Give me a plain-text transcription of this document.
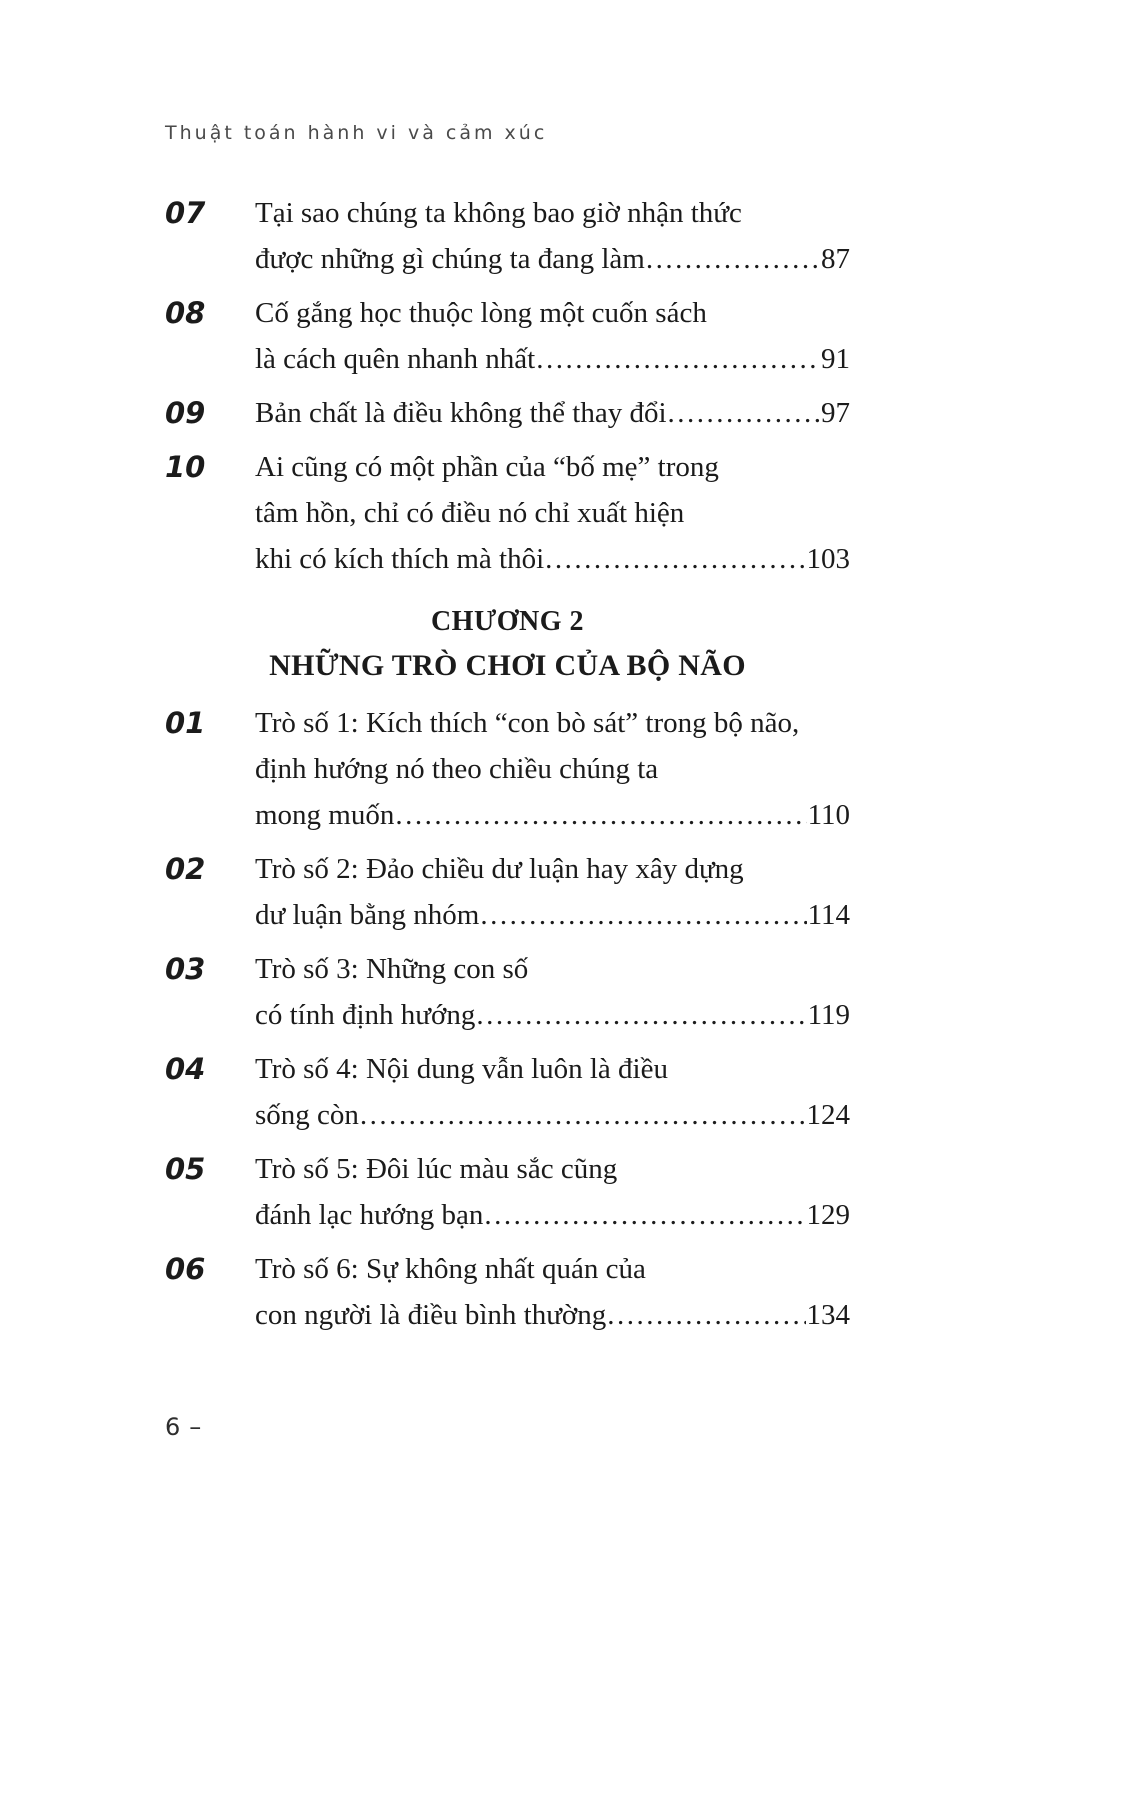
Thuật toán hành vi và cảm xúc
07	Tại sao chúng ta không bao giờ nhận thức
được những gì chúng ta đang làm .....	87
08	Cố gắng học thuộc lòng một cuốn sách
là cách quên nhanh nhất .....	91
09	Bản chất là điều không thể thay đổi .....	97
10	Ai cũng có một phần của “bố mẹ” trong
tâm hồn, chỉ có điều nó chỉ xuất hiện
khi có kích thích mà thôi .....	103
CHƯƠNG 2
NHỮNG TRÒ CHƠI CỦA BỘ NÃO
01	Trò số 1: Kích thích “con bò sát” trong bộ não,
định hướng nó theo chiều chúng ta
mong muốn .....	110
02	Trò số 2: Đảo chiều dư luận hay xây dựng
dư luận bằng nhóm .....	114
03	Trò số 3: Những con số
có tính định hướng .....	119
04	Trò số 4: Nội dung vẫn luôn là điều
sống còn .....	124
05	Trò số 5: Đôi lúc màu sắc cũng
đánh lạc hướng bạn .....	129
06	Trò số 6: Sự không nhất quán của
con người là điều bình thường .....	134
6 –
